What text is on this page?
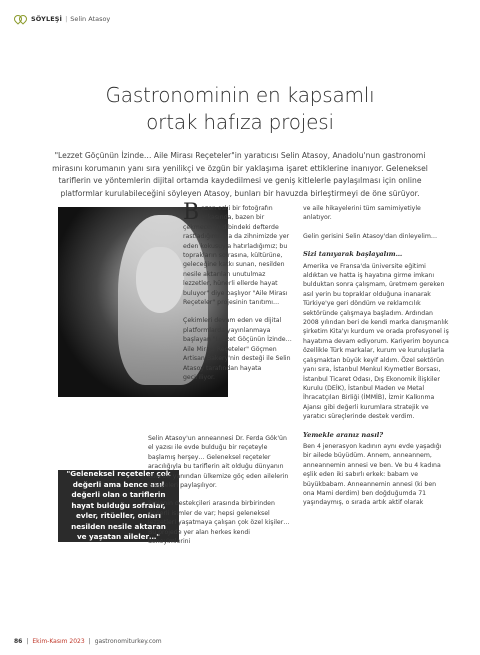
SÖYLEŞİ | Selin Atasoy
Gastronominin en kapsamlı
ortak hafıza projesi

"Lezzet Göçünün İzinde… Aile Mirası Reçeteler"in yaratıcısı Selin Atasoy, Anadolu'nun gastronomi mirasını korumanın yanı sıra yenilikçi ve özgün bir yaklaşıma işaret ettiklerine inanıyor. Geleneksel tariflerin ve yöntemlerin dijital ortamda kaydedilmesi ve geniş kitlelerle paylaşılması için online platformlar kurulabileceğini söyleyen Atasoy, bunları bir havuzda birleştirmeyi de öne sürüyor.

Bazen eski bir fotoğrafın arkasında, bazen bir çekmecenin dibindeki defterde rastladığımız ya da zihnimizde yer eden kokusuyla hatırladığımız; bu toprakların sofrasına, kültürüne, geleceğine katkı sunan, nesilden nesile aktarılan unutulmaz lezzetler, hünerli ellerde hayat buluyor" diye başlıyor "Aile Mirası Reçeteler" projesinin tanıtımı…

Çekimleri devam eden ve dijital platformlarda yayınlanmaya başlayan "Lezzet Göçünün İzinde… Aile Mirası Reçeteler" Göçmen Artisan Bakery'nin desteği ile Selin Atasoy tarafından hayata geçiriliyor.

"Geleneksel reçeteler çok değerli ama bence asıl değerli olan o tariflerin hayat bulduğu sofralar, evler, ritüeller, onları nesilden nesile aktaran ve yaşatan aileler…"

Selin Atasoy'un anneannesi Dr. Ferda Gök'ün el yazısı ile evde bulduğu bir reçeteyle başlamış herşey… Geleneksel reçeteler aracılığıyla bu tariflerin ait olduğu dünyanın dört bir yanından ülkemize göç eden ailelerin hikayeleri paylaşılıyor.

Projenin destekçileri arasında birbirinden değerli isimler de var; hepsi geleneksel lezzetleri yaşatmaya çalışan çok özel kişiler… Bu projede yer alan herkes kendi deneyimlerini

ve aile hikayelerini tüm samimiyetiyle anlatıyor.

Gelin gerisini Selin Atasoy'dan dinleyelim…

Sizi tanıyarak başlayalım…

Amerika ve Fransa'da üniversite eğitimi aldıktan ve hatta iş hayatına girme imkanı bulduktan sonra çalışmam, üretmem gereken asıl yerin bu topraklar olduğuna inanarak Türkiye'ye geri döndüm ve reklamcılık sektöründe çalışmaya başladım. Ardından 2008 yılından beri de kendi marka danışmanlık şirketim Kita'yı kurdum ve orada profesyonel iş hayatıma devam ediyorum. Kariyerim boyunca özellikle Türk markalar, kurum ve kuruluşlarla çalışmaktan büyük keyif aldım. Özel sektörün yanı sıra, İstanbul Menkul Kıymetler Borsası, İstanbul Ticaret Odası, Dış Ekonomik İlişkiler Kurulu (DEİK), İstanbul Maden ve Metal İhracatçıları Birliği (İMMİB), İzmir Kalkınma Ajansı gibi değerli kurumlara stratejik ve yaratıcı süreçlerinde destek verdim.

Yemekle aranız nasıl?

Ben 4 jenerasyon kadının aynı evde yaşadığı bir ailede büyüdüm. Annem, anneannem, anneannemin annesi ve ben. Ve bu 4 kadına eşlik eden iki sabırlı erkek: babam ve büyükbabam. Anneannemin annesi (ki ben ona Mami derdim) ben doğduğumda 71 yaşındaymış, o sırada artık aktif olarak

86 | Ekim-Kasım 2023 | gastronomiturkey.com
